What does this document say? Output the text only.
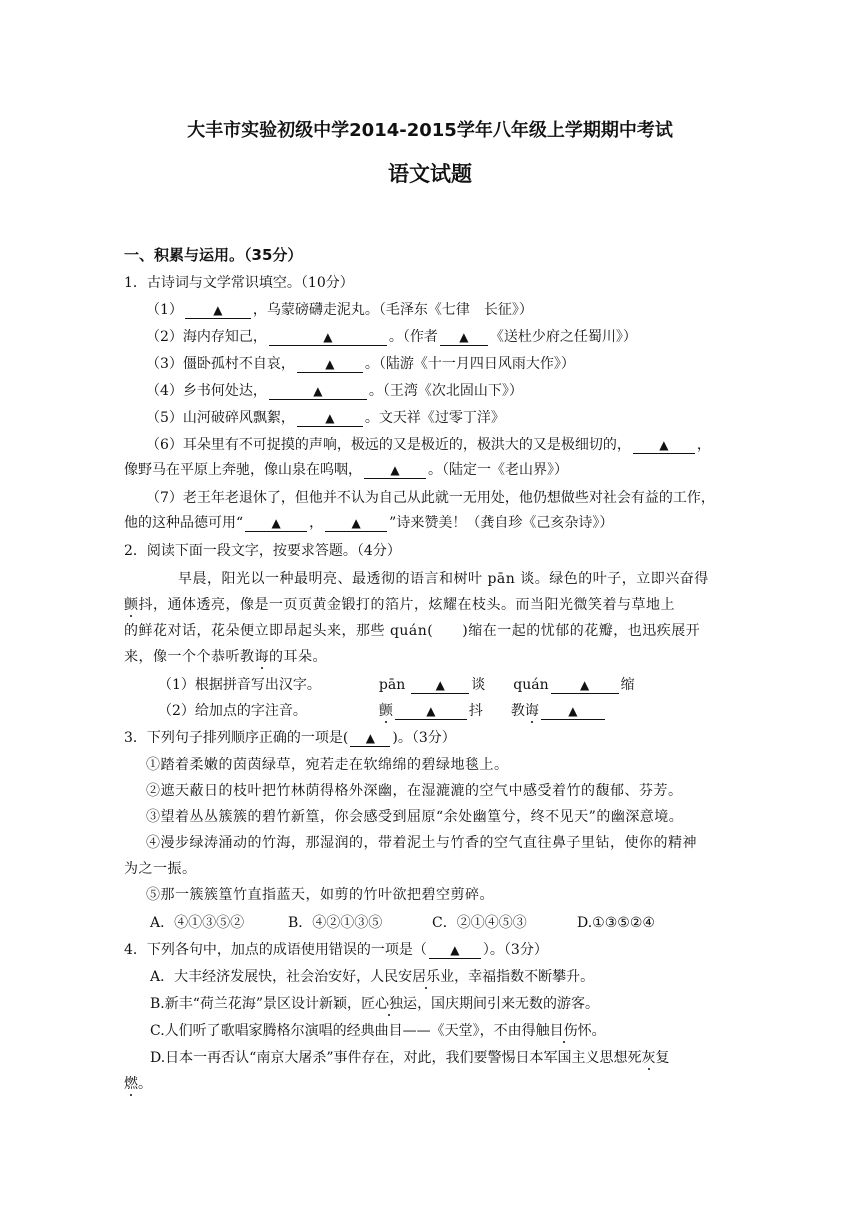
大丰市实验初级中学2014-2015学年八年级上学期期中考试
语文试题
一、积累与运用。（35分）
1．古诗词与文学常识填空。（10分）
（1）	▲ ，乌蒙磅礴走泥丸。（毛泽东《七律　长征》）
（2）海内存知己，	▲	。（作者 ▲ 《送杜少府之任蜀川》）
（3）僵卧孤村不自哀，	▲ 。（陆游《十一月四日风雨大作》）
（4）乡书何处达，	▲	。（王湾《次北固山下》）
（5）山河破碎风飘絮，	▲ 。文天祥《过零丁洋》
（6）耳朵里有不可捉摸的声响，极远的又是极近的，极洪大的又是极细切的， ▲ ，
像野马在平原上奔驰，像山泉在呜咽， ▲ 。（陆定一《老山界》）
（7）老王年老退休了，但他并不认为自己从此就一无用处，他仍想做些对社会有益的工作，
他的这种品德可用“ ▲ ， ▲ ”诗来赞美！（龚自珍《己亥杂诗》）
2．阅读下面一段文字，按要求答题。（4分）
早晨，阳光以一种最明亮、最透彻的语言和树叶 pān 谈。绿色的叶子，立即兴奋得
颤抖，通体透亮，像是一页页黄金锻打的箔片，炫耀在枝头。而当阳光微笑着与草地上
的鲜花对话，花朵便立即昂起头来，那些 quán(　　)缩在一起的忧郁的花瓣，也迅疾展开
来，像一个个恭听教诲的耳朵。
（1）根据拼音写出汉字。	pān	▲ 谈 quán	▲ 缩
（2）给加点的字注音。	颤	▲ 抖 教诲 ▲
3．下列句子排列顺序正确的一项是( ▲ )。（3分）
①踏着柔嫩的茵茵绿草，宛若走在软绵绵的碧绿地毯上。
②遮天蔽日的枝叶把竹林荫得格外深幽，在湿漉漉的空气中感受着竹的馥郁、芬芳。
③望着丛丛簇簇的碧竹新篁，你会感受到屈原“余处幽篁兮，终不见天”的幽深意境。
④漫步绿涛涌动的竹海，那湿润的，带着泥土与竹香的空气直往鼻子里钻，使你的精神
为之一振。
⑤那一簇簇篁竹直指蓝天，如剪的竹叶欲把碧空剪碎。
A．④①③⑤②	B．④②①③⑤	C．②①④⑤③	D.①③⑤②④
4．下列各句中，加点的成语使用错误的一项是（ ▲ ）。（3分）
A．大丰经济发展快，社会治安好，人民安居乐业，幸福指数不断攀升。
B.新丰“荷兰花海”景区设计新颖，匠心独运，国庆期间引来无数的游客。
C.人们听了歌唱家腾格尔演唱的经典曲目——《天堂》，不由得触目伤怀。
D.日本一再否认“南京大屠杀”事件存在，对此，我们要警惕日本军国主义思想死灰复
燃。
